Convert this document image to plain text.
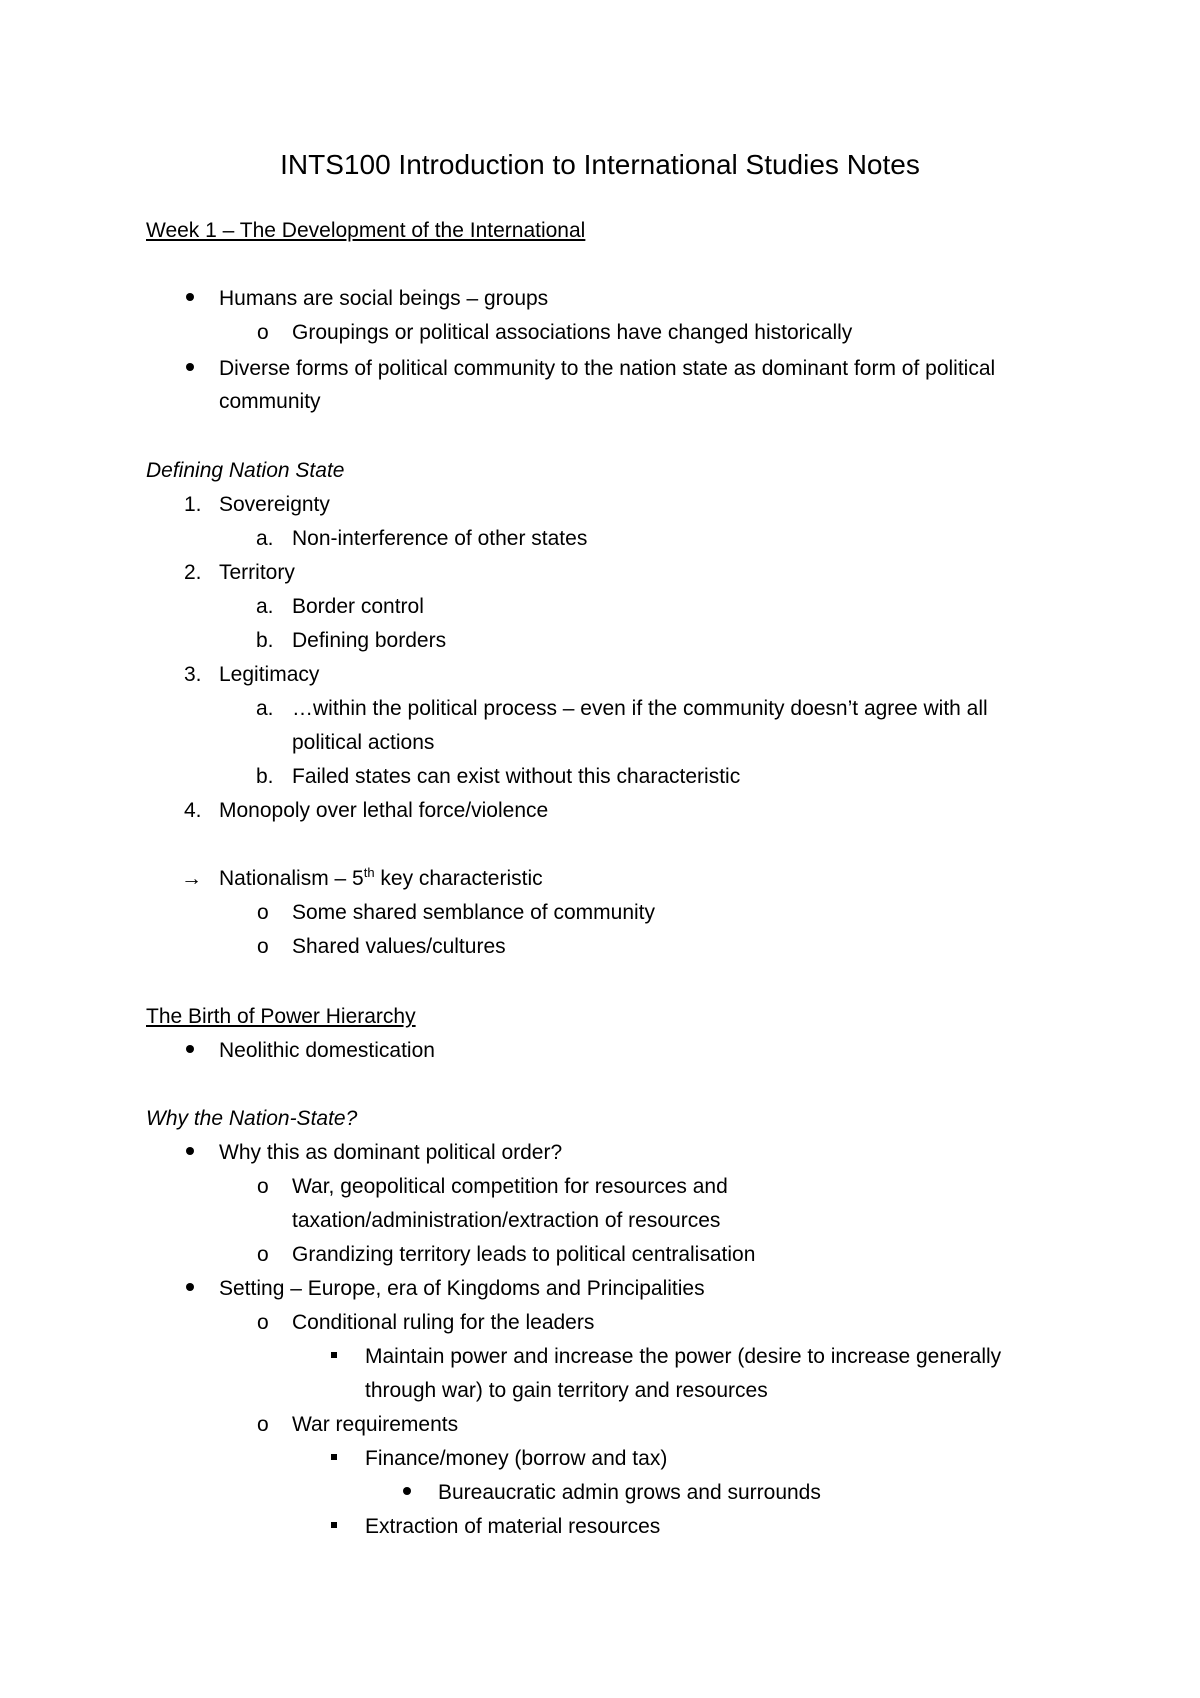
INTS100 Introduction to International Studies Notes
Week 1 – The Development of the International
Humans are social beings – groups
o Groupings or political associations have changed historically
Diverse forms of political community to the nation state as dominant form of political
community
Defining Nation State
1. Sovereignty
a. Non-interference of other states
2. Territory
a. Border control
b. Defining borders
3. Legitimacy
a. …within the political process – even if the community doesn’t agree with all
political actions
b. Failed states can exist without this characteristic
4. Monopoly over lethal force/violence
→ Nationalism – 5th key characteristic
o Some shared semblance of community
o Shared values/cultures
The Birth of Power Hierarchy
Neolithic domestication
Why the Nation-State?
Why this as dominant political order?
o War, geopolitical competition for resources and
taxation/administration/extraction of resources
o Grandizing territory leads to political centralisation
Setting – Europe, era of Kingdoms and Principalities
o Conditional ruling for the leaders
Maintain power and increase the power (desire to increase generally
through war) to gain territory and resources
o War requirements
Finance/money (borrow and tax)
Bureaucratic admin grows and surrounds
Extraction of material resources
